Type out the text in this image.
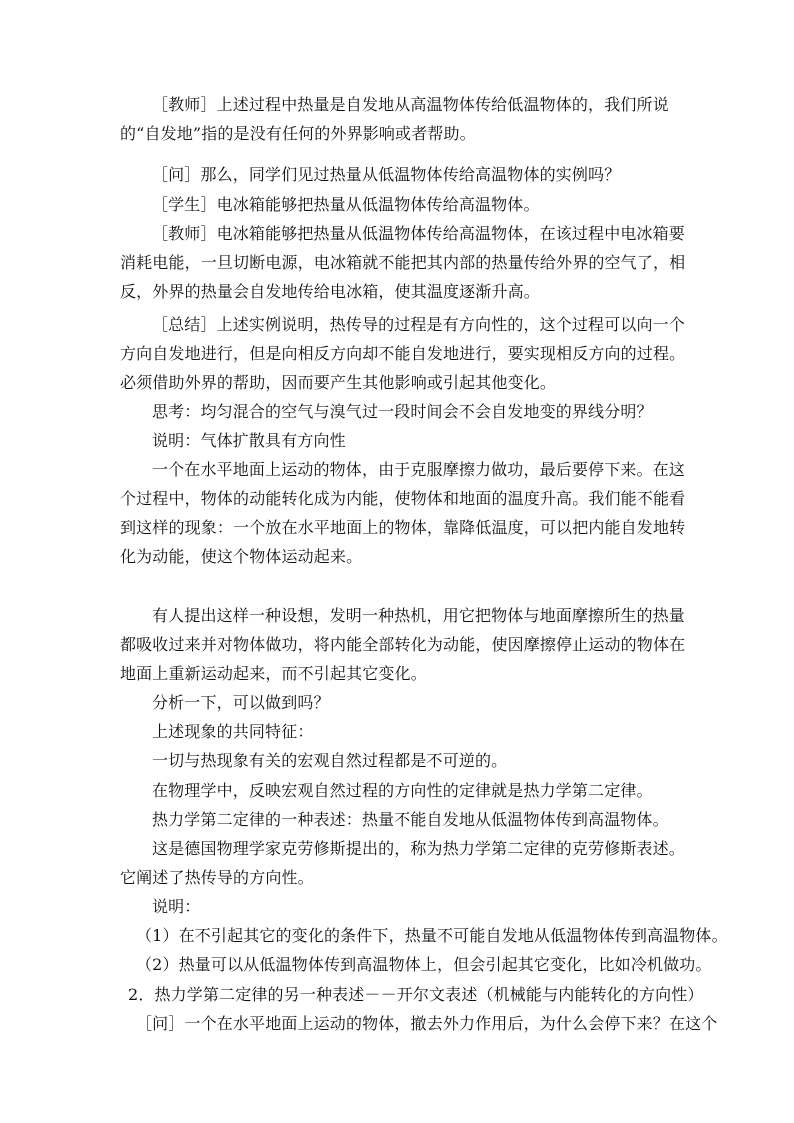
［教师］上述过程中热量是自发地从高温物体传给低温物体的，我们所说的“自发地”指的是没有任何的外界影响或者帮助。

［问］那么，同学们见过热量从低温物体传给高温物体的实例吗？

［学生］电冰箱能够把热量从低温物体传给高温物体。

［教师］电冰箱能够把热量从低温物体传给高温物体，在该过程中电冰箱要消耗电能，一旦切断电源，电冰箱就不能把其内部的热量传给外界的空气了，相反，外界的热量会自发地传给电冰箱，使其温度逐渐升高。

［总结］上述实例说明，热传导的过程是有方向性的，这个过程可以向一个方向自发地进行，但是向相反方向却不能自发地进行，要实现相反方向的过程。必须借助外界的帮助，因而要产生其他影响或引起其他变化。

思考：均匀混合的空气与溴气过一段时间会不会自发地变的界线分明？

说明：气体扩散具有方向性

一个在水平地面上运动的物体，由于克服摩擦力做功，最后要停下来。在这个过程中，物体的动能转化成为内能，使物体和地面的温度升高。我们能不能看到这样的现象：一个放在水平地面上的物体，靠降低温度，可以把内能自发地转化为动能，使这个物体运动起来。

有人提出这样一种设想，发明一种热机，用它把物体与地面摩擦所生的热量都吸收过来并对物体做功，将内能全部转化为动能，使因摩擦停止运动的物体在地面上重新运动起来，而不引起其它变化。

分析一下，可以做到吗？

上述现象的共同特征：

一切与热现象有关的宏观自然过程都是不可逆的。

在物理学中，反映宏观自然过程的方向性的定律就是热力学第二定律。

热力学第二定律的一种表述：热量不能自发地从低温物体传到高温物体。

这是德国物理学家克劳修斯提出的，称为热力学第二定律的克劳修斯表述。它阐述了热传导的方向性。

说明：

（1）在不引起其它的变化的条件下，热量不可能自发地从低温物体传到高温物体。

（2）热量可以从低温物体传到高温物体上，但会引起其它变化，比如冷机做功。

2．热力学第二定律的另一种表述－－开尔文表述（机械能与内能转化的方向性）

［问］一个在水平地面上运动的物体，撤去外力作用后，为什么会停下来？在这个
